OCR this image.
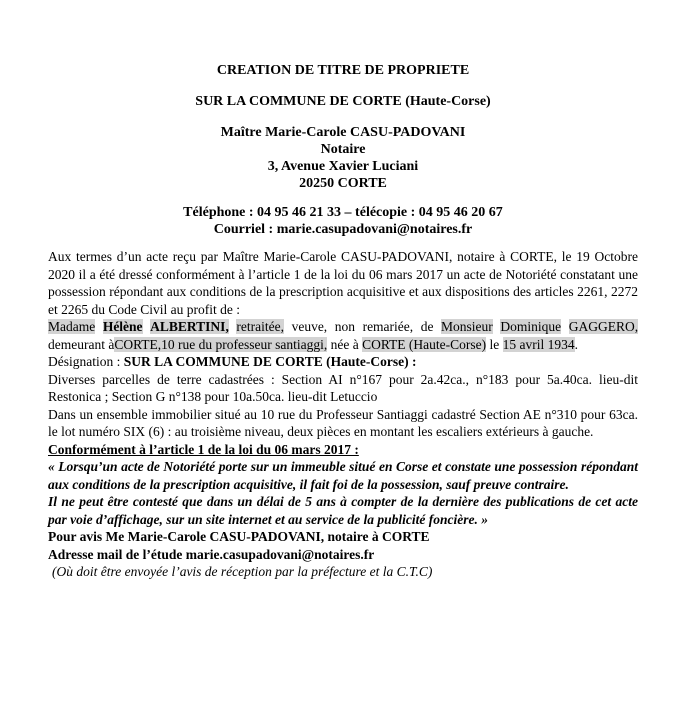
CREATION DE TITRE DE PROPRIETE

SUR LA COMMUNE DE CORTE (Haute-Corse)

Maître Marie-Carole CASU-PADOVANI

Notaire

3, Avenue Xavier Luciani

20250 CORTE

Téléphone : 04 95 46 21 33 – télécopie : 04 95 46 20 67

Courriel : marie.casupadovani@notaires.fr

Aux termes d’un acte reçu par Maître Marie-Carole CASU-PADOVANI, notaire à CORTE, le 19 Octobre 2020 il a été dressé conformément à l’article 1 de la loi du 06 mars 2017 un acte de Notoriété constatant une possession répondant aux conditions de la prescription acquisitive et aux dispositions des articles 2261, 2272 et 2265 du Code Civil au profit de :

Madame Hélène ALBERTINI, retraitée, veuve, non remariée, de Monsieur Dominique GAGGERO, demeurant àCORTE,10 rue du professeur santiaggi, née à CORTE (Haute-Corse) le 15 avril 1934.

Désignation : SUR LA COMMUNE DE CORTE (Haute-Corse) :

Diverses parcelles de terre cadastrées : Section AI n°167 pour 2a.42ca., n°183 pour 5a.40ca. lieu-dit Restonica ; Section G n°138 pour 10a.50ca. lieu-dit Letuccio

Dans un ensemble immobilier situé au 10 rue du Professeur Santiaggi cadastré Section AE n°310 pour 63ca. le lot numéro SIX (6) : au troisième niveau, deux pièces en montant les escaliers extérieurs à gauche.

Conformément à l’article 1 de la loi du 06 mars 2017 :

« Lorsqu’un acte de Notoriété porte sur un immeuble situé en Corse et constate une possession répondant aux conditions de la prescription acquisitive, il fait foi de la possession, sauf preuve contraire.

Il ne peut être contesté que dans un délai de 5 ans à compter de la dernière des publications de cet acte par voie d’affichage, sur un site internet et au service de la publicité foncière. »

Pour avis Me Marie-Carole CASU-PADOVANI, notaire à CORTE

Adresse mail de l’étude marie.casupadovani@notaires.fr

(Où doit être envoyée l’avis de réception par la préfecture et la C.T.C)
